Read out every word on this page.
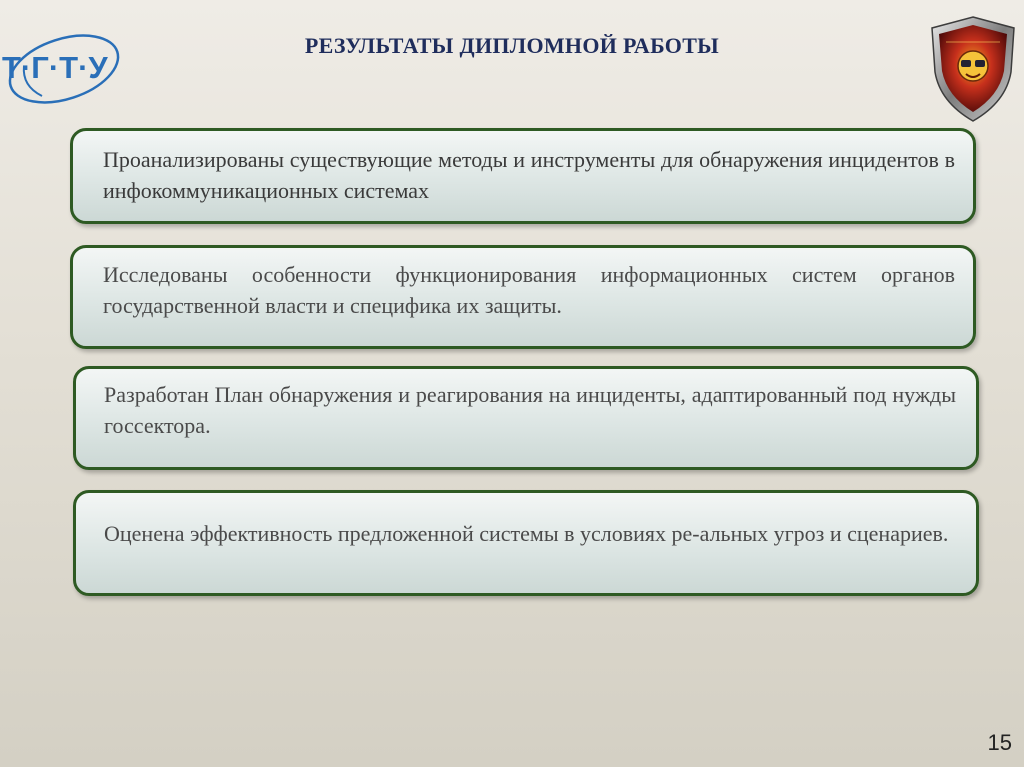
Т·Г·Т·У
РЕЗУЛЬТАТЫ ДИПЛОМНОЙ РАБОТЫ
Проанализированы существующие методы и инструменты для обнаружения инцидентов в инфокоммуникационных системах
Исследованы особенности функционирования информационных систем органов государственной власти и специфика их защиты.
Разработан План обнаружения и реагирования на инциденты, адаптированный под нужды госсектора.
Оценена эффективность предложенной системы в условиях ре-альных угроз и сценариев.
15
